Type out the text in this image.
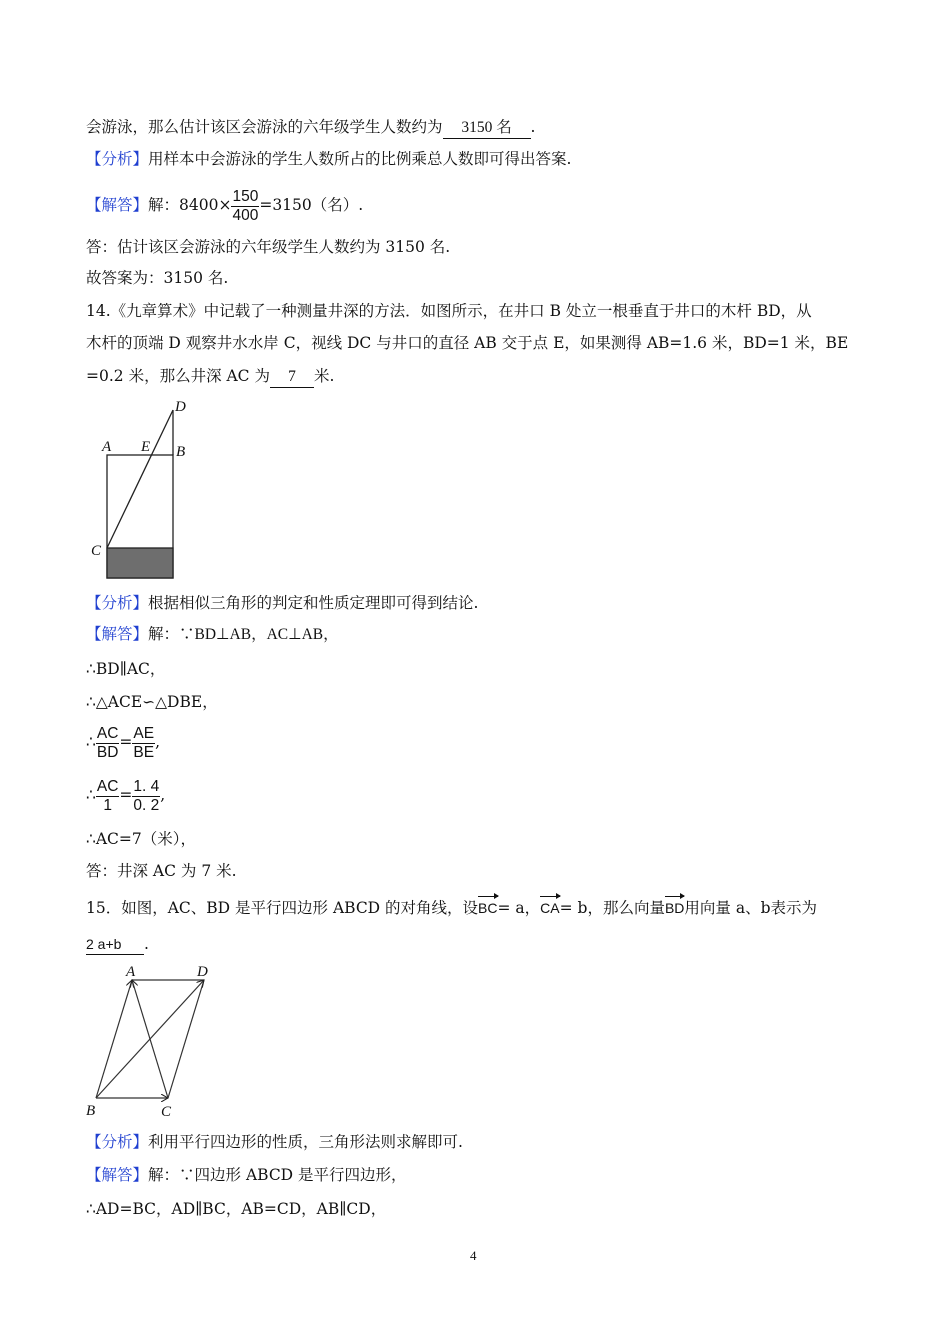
会游泳，那么估计该区会游泳的六年级学生人数约为 3150 名 .
【分析】用样本中会游泳的学生人数所占的比例乘总人数即可得出答案.
【解答】解：$8400\times \frac{150}{400} =3150$（名）.
答：估计该区会游泳的六年级学生人数约为 3150 名.
故答案为：3150 名.
14.《九章算术》中记载了一种测量井深的方法．如图所示，在井口 B 处立一根垂直于井口的木杆 BD，从
木杆的顶端 D 观察井水水岸 C，视线 DC 与井口的直径 AB 交于点 E，如果测得 AB=1.6 米，BD=1 米，BE
=0.2 米，那么井深 AC 为 7 米.
A E B
D
C
【分析】根据相似三角形的判定和性质定理即可得到结论.
【解答】解：∵BD⊥AB，AC⊥AB，
∴BD∥AC，
∴△ACE∽△DBE，
∴ $\frac{AC}{BD} = \frac{AE}{BE}$ ,
∴ $\frac{AC}{1} = \frac{1. 4}{0. 2}$ ,
∴AC=7（米），
答：井深 AC 为 7 米.
15．如图，AC、BD 是平行四边形 ABCD 的对角线，设BC= a，CA= b，那么向量BD用向量 a、b表示为
2 a+b .
A	D
B	C
【分析】利用平行四边形的性质，三角形法则求解即可.
【解答】解：∵四边形 ABCD 是平行四边形，
∴AD=BC，AD∥BC，AB=CD，AB∥CD，
4
